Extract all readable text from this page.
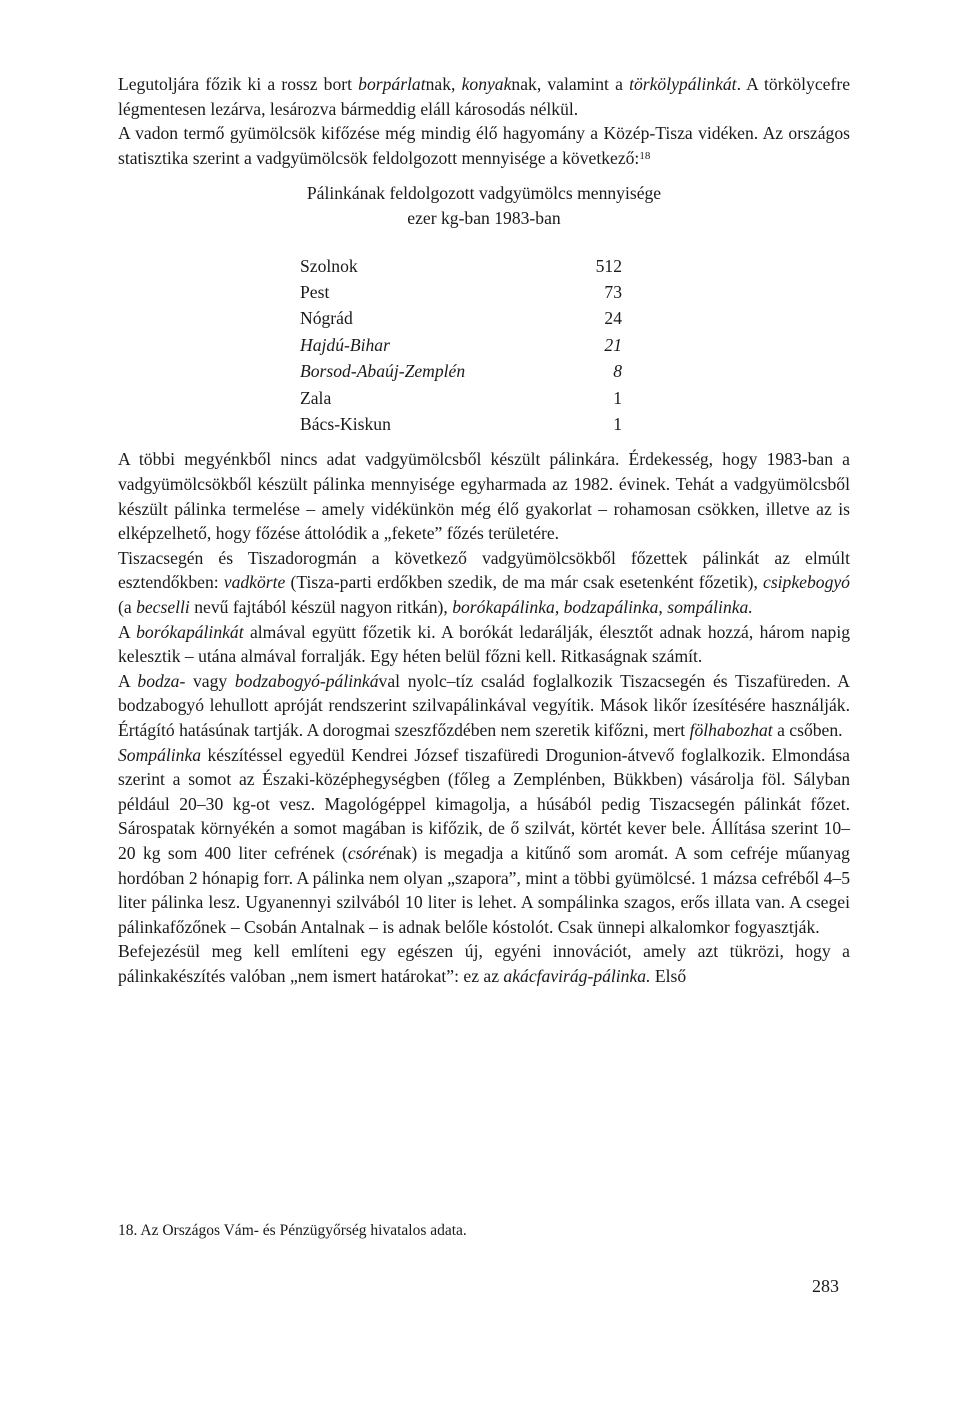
Legutoljára főzik ki a rossz bort borpárlatnak, konyaknak, valamint a törkölypálinkát. A törkölycefre légmentesen lezárva, lesározva bármeddig eláll károsodás nélkül.

A vadon termő gyümölcsök kifőzése még mindig élő hagyomány a Közép-Tisza vidéken. Az országos statisztika szerint a vadgyümölcsök feldolgozott mennyisége a következő:$^{18}$

Pálinkának feldolgozott vadgyümölcs mennyisége
ezer kg-ban 1983-ban
Szolnok	512
Pest	73
Nógrád	24
Hajdú-Bihar	21
Borsod-Abaúj-Zemplén	8
Zala	1
Bács-Kiskun	1

A többi megyénkből nincs adat vadgyümölcsből készült pálinkára. Érdekesség, hogy 1983-ban a vadgyümölcsökből készült pálinka mennyisége egyharmada az 1982. évinek. Tehát a vadgyümölcsből készült pálinka termelése – amely vidékünkön még élő gyakorlat – rohamosan csökken, illetve az is elképzelhető, hogy főzése áttolódik a „fekete” főzés területére.

Tiszacsegén és Tiszadorogmán a következő vadgyümölcsökből főzettek pálinkát az elmúlt esztendőkben: vadkörte (Tisza-parti erdőkben szedik, de ma már csak esetenként főzetik), csipkebogyó (a becselli nevű fajtából készül nagyon ritkán), borókapálinka, bodzapálinka, sompálinka.

A borókapálinkát almával együtt főzetik ki. A borókát ledarálják, élesztőt adnak hozzá, három napig kelesztik – utána almával forralják. Egy héten belül főzni kell. Ritkaságnak számít.

A bodza- vagy bodzabogyó-pálinkával nyolc–tíz család foglalkozik Tiszacsegén és Tiszafüreden. A bodzabogyó lehullott apróját rendszerint szilvapálinkával vegyítik. Mások likőr ízesítésére használják. Értágító hatásúnak tartják. A dorogmai szeszfőzdében nem szeretik kifőzni, mert fölhabozhat a csőben.

Sompálinka készítéssel egyedül Kendrei József tiszafüredi Drogunion-átvevő foglalkozik. Elmondása szerint a somot az Északi-középhegységben (főleg a Zemplénben, Bükkben) vásárolja föl. Sályban például 20–30 kg-ot vesz. Magológéppel kimagolja, a húsából pedig Tiszacsegén pálinkát főzet. Sárospatak környékén a somot magában is kifőzik, de ő szilvát, körtét kever bele. Állítása szerint 10–20 kg som 400 liter cefrének (csórénak) is megadja a kitűnő som aromát. A som cefréje műanyag hordóban 2 hónapig forr. A pálinka nem olyan „szapora”, mint a többi gyümölcsé. 1 mázsa cefréből 4–5 liter pálinka lesz. Ugyanennyi szilvából 10 liter is lehet. A sompálinka szagos, erős illata van. A csegei pálinkafőzőnek – Csobán Antalnak – is adnak belőle kóstolót. Csak ünnepi alkalomkor fogyasztják.

Befejezésül meg kell említeni egy egészen új, egyéni innovációt, amely azt tükrözi, hogy a pálinkakészítés valóban „nem ismert határokat”: ez az akácfavirág-pálinka. Első

18. Az Országos Vám- és Pénzügyőrség hivatalos adata.
283
